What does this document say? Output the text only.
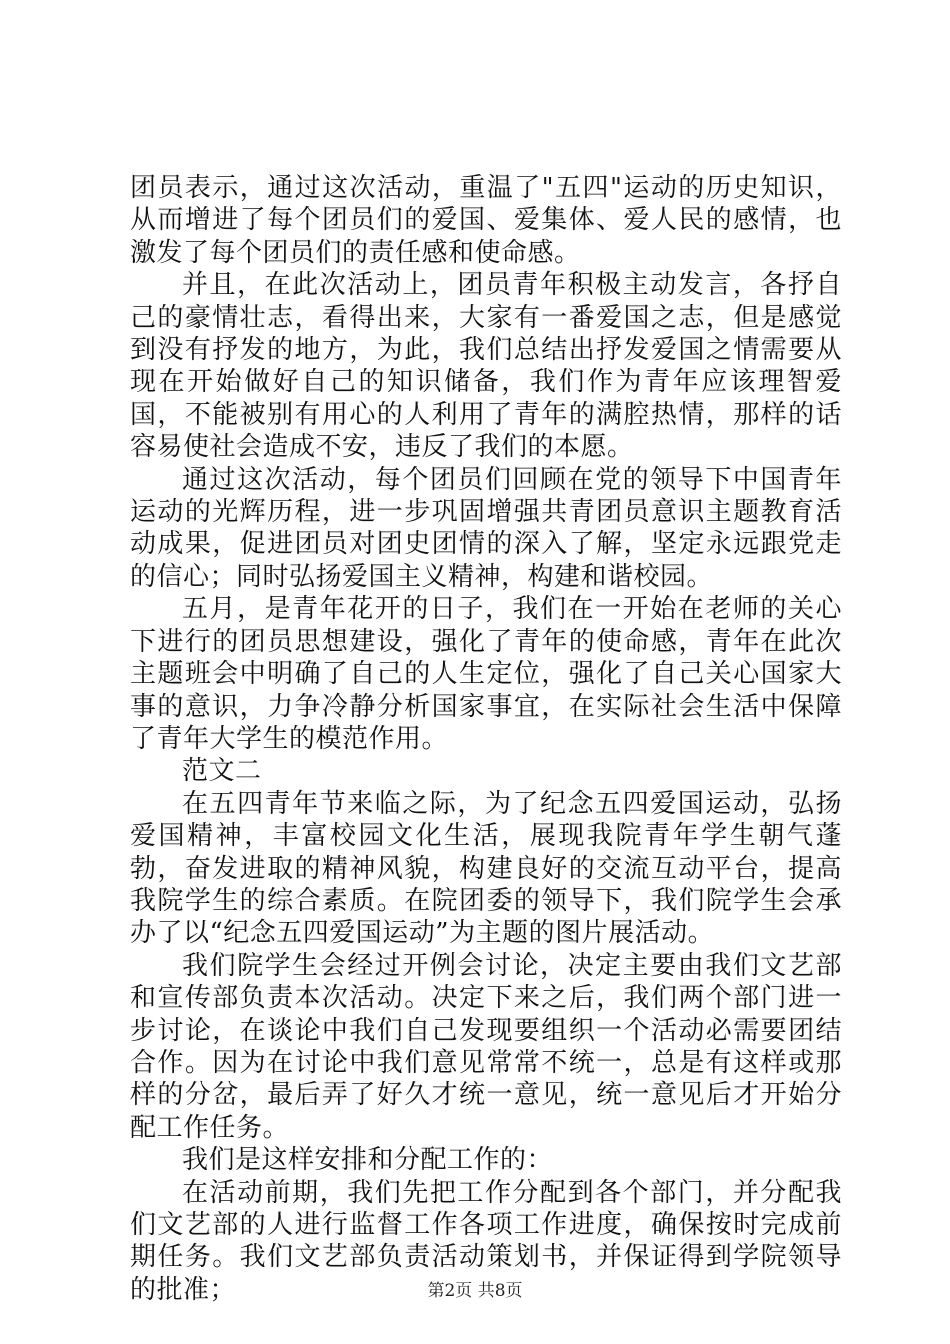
团员表示，通过这次活动，重温了"五四"运动的历史知识，从而增进了每个团员们的爱国、爱集体、爱人民的感情，也激发了每个团员们的责任感和使命感。

并且，在此次活动上，团员青年积极主动发言，各抒自己的豪情壮志，看得出来，大家有一番爱国之志，但是感觉到没有抒发的地方，为此，我们总结出抒发爱国之情需要从现在开始做好自己的知识储备，我们作为青年应该理智爱国，不能被别有用心的人利用了青年的满腔热情，那样的话容易使社会造成不安，违反了我们的本愿。

通过这次活动，每个团员们回顾在党的领导下中国青年运动的光辉历程，进一步巩固增强共青团员意识主题教育活动成果，促进团员对团史团情的深入了解，坚定永远跟党走的信心；同时弘扬爱国主义精神，构建和谐校园。

五月，是青年花开的日子，我们在一开始在老师的关心下进行的团员思想建设，强化了青年的使命感，青年在此次主题班会中明确了自己的人生定位，强化了自己关心国家大事的意识，力争冷静分析国家事宜，在实际社会生活中保障了青年大学生的模范作用。

范文二

在五四青年节来临之际，为了纪念五四爱国运动，弘扬爱国精神，丰富校园文化生活，展现我院青年学生朝气蓬勃，奋发进取的精神风貌，构建良好的交流互动平台，提高我院学生的综合素质。在院团委的领导下，我们院学生会承办了以“纪念五四爱国运动”为主题的图片展活动。

我们院学生会经过开例会讨论，决定主要由我们文艺部和宣传部负责本次活动。决定下来之后，我们两个部门进一步讨论，在谈论中我们自己发现要组织一个活动必需要团结合作。因为在讨论中我们意见常常不统一，总是有这样或那样的分岔，最后弄了好久才统一意见，统一意见后才开始分配工作任务。

我们是这样安排和分配工作的：

在活动前期，我们先把工作分配到各个部门，并分配我们文艺部的人进行监督工作各项工作进度，确保按时完成前期任务。我们文艺部负责活动策划书，并保证得到学院领导的批准；	第2页 共8页
